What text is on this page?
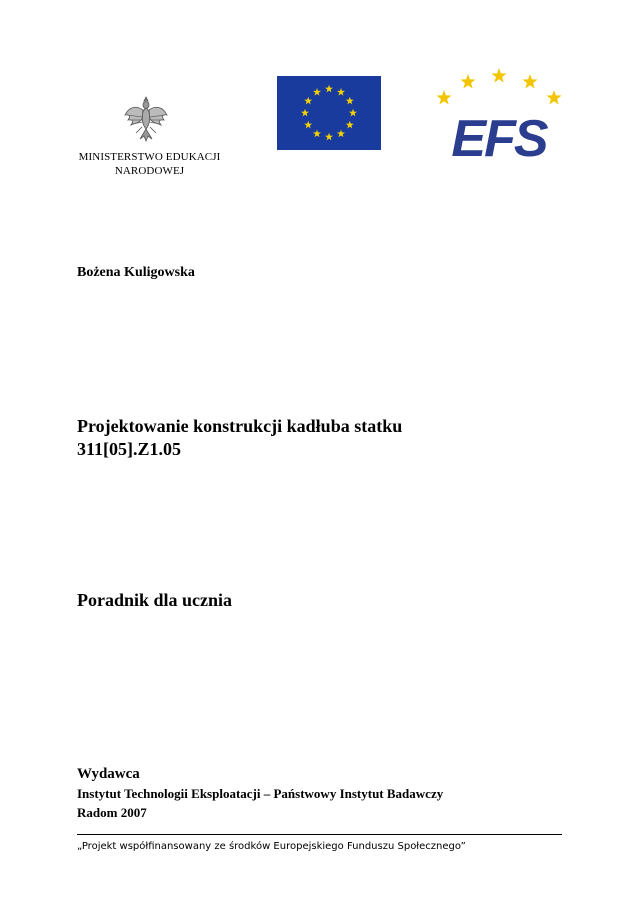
MINISTERSTWO EDUKACJI
NARODOWEJ
EFS
Bożena Kuligowska
Projektowanie konstrukcji kadłuba statku
311[05].Z1.05
Poradnik dla ucznia
Wydawca
Instytut Technologii Eksploatacji – Państwowy Instytut Badawczy
Radom 2007
„Projekt współfinansowany ze środków Europejskiego Funduszu Społecznego”
